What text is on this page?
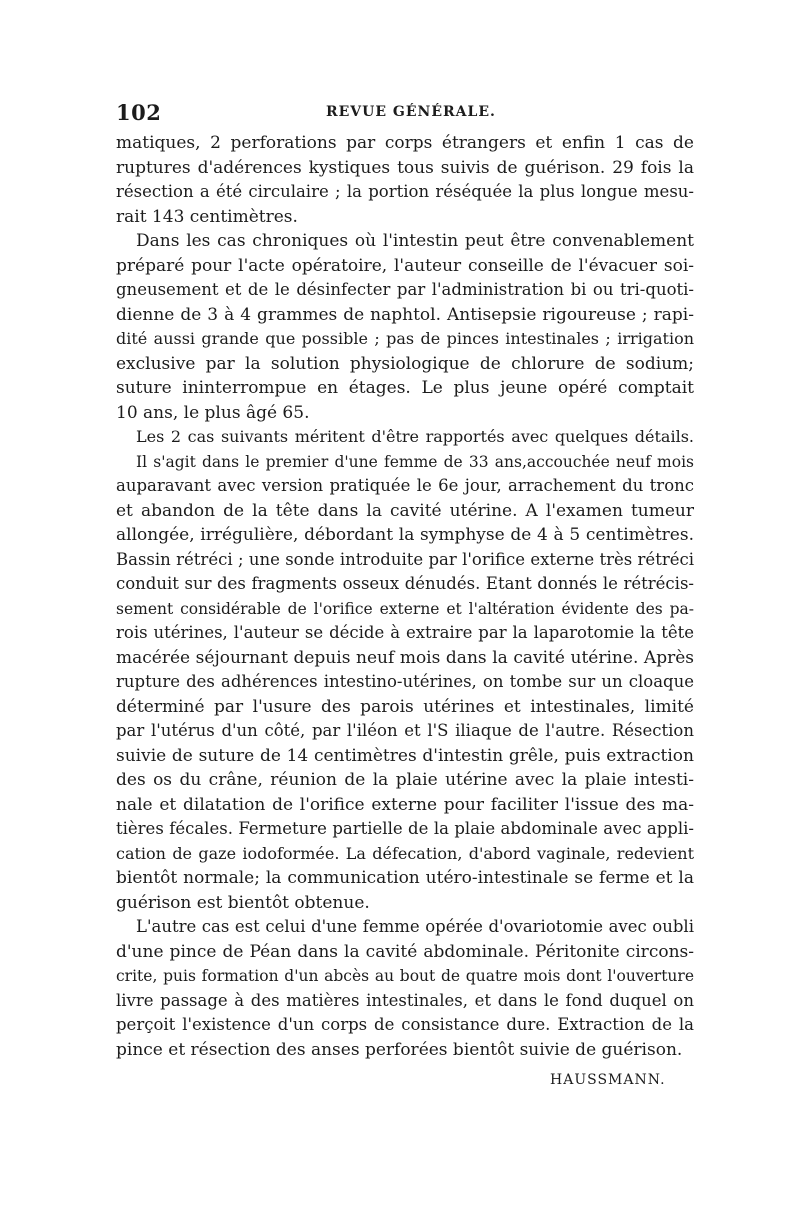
102	REVUE GÉNÉRALE.
matiques, 2 perforations par corps étrangers et enfin 1 cas de
ruptures d'adérences kystiques tous suivis de guérison. 29 fois la
résection a été circulaire ; la portion réséquée la plus longue mesu-
rait 143 centimètres.
Dans les cas chroniques où l'intestin peut être convenablement
préparé pour l'acte opératoire, l'auteur conseille de l'évacuer soi-
gneusement et de le désinfecter par l'administration bi ou tri-quoti-
dienne de 3 à 4 grammes de naphtol. Antisepsie rigoureuse ; rapi-
dité aussi grande que possible ; pas de pinces intestinales ; irrigation
exclusive par la solution physiologique de chlorure de sodium;
suture ininterrompue en étages. Le plus jeune opéré comptait
10 ans, le plus âgé 65.
Les 2 cas suivants méritent d'être rapportés avec quelques détails.
Il s'agit dans le premier d'une femme de 33 ans,accouchée neuf mois
auparavant avec version pratiquée le 6e jour, arrachement du tronc
et abandon de la tête dans la cavité utérine. A l'examen tumeur
allongée, irrégulière, débordant la symphyse de 4 à 5 centimètres.
Bassin rétréci ; une sonde introduite par l'orifice externe très rétréci
conduit sur des fragments osseux dénudés. Etant donnés le rétrécis-
sement considérable de l'orifice externe et l'altération évidente des pa-
rois utérines, l'auteur se décide à extraire par la laparotomie la tête
macérée séjournant depuis neuf mois dans la cavité utérine. Après
rupture des adhérences intestino-utérines, on tombe sur un cloaque
déterminé par l'usure des parois utérines et intestinales, limité
par l'utérus d'un côté, par l'iléon et l'S iliaque de l'autre. Résection
suivie de suture de 14 centimètres d'intestin grêle, puis extraction
des os du crâne, réunion de la plaie utérine avec la plaie intesti-
nale et dilatation de l'orifice externe pour faciliter l'issue des ma-
tières fécales. Fermeture partielle de la plaie abdominale avec appli-
cation de gaze iodoformée. La défecation, d'abord vaginale, redevient
bientôt normale; la communication utéro-intestinale se ferme et la
guérison est bientôt obtenue.
L'autre cas est celui d'une femme opérée d'ovariotomie avec oubli
d'une pince de Péan dans la cavité abdominale. Péritonite circons-
crite, puis formation d'un abcès au bout de quatre mois dont l'ouverture
livre passage à des matières intestinales, et dans le fond duquel on
perçoit l'existence d'un corps de consistance dure. Extraction de la
pince et résection des anses perforées bientôt suivie de guérison.
HAUSSMANN.
